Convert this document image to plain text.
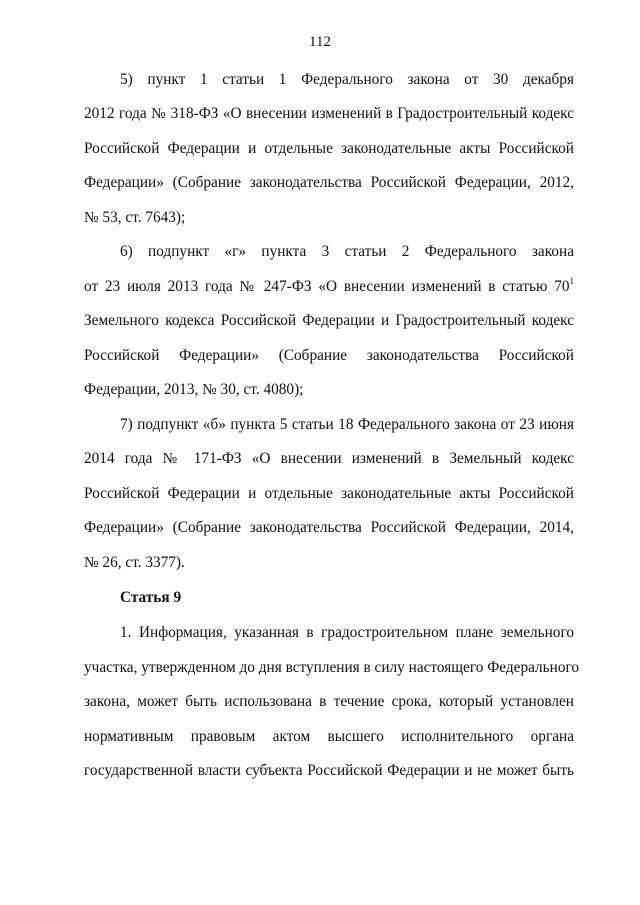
112
5) пункт 1 статьи 1 Федерального закона от 30 декабря
2012 года № 318-ФЗ «О внесении изменений в Градостроительный кодекс
Российской Федерации и отдельные законодательные акты Российской
Федерации» (Собрание законодательства Российской Федерации, 2012,
№ 53, ст. 7643);
6) подпункт «г» пункта 3 статьи 2 Федерального закона
от 23 июля 2013 года № 247-ФЗ «О внесении изменений в статью $70^1$
Земельного кодекса Российской Федерации и Градостроительный кодекс
Российской Федерации» (Собрание законодательства Российской
Федерации, 2013, № 30, ст. 4080);
7) подпункт «б» пункта 5 статьи 18 Федерального закона от 23 июня
2014 года № 171-ФЗ «О внесении изменений в Земельный кодекс
Российской Федерации и отдельные законодательные акты Российской
Федерации» (Собрание законодательства Российской Федерации, 2014,
№ 26, ст. 3377).
Статья 9
1. Информация, указанная в градостроительном плане земельного
участка, утвержденном до дня вступления в силу настоящего Федерального
закона, может быть использована в течение срока, который установлен
нормативным правовым актом высшего исполнительного органа
государственной власти субъекта Российской Федерации и не может быть
